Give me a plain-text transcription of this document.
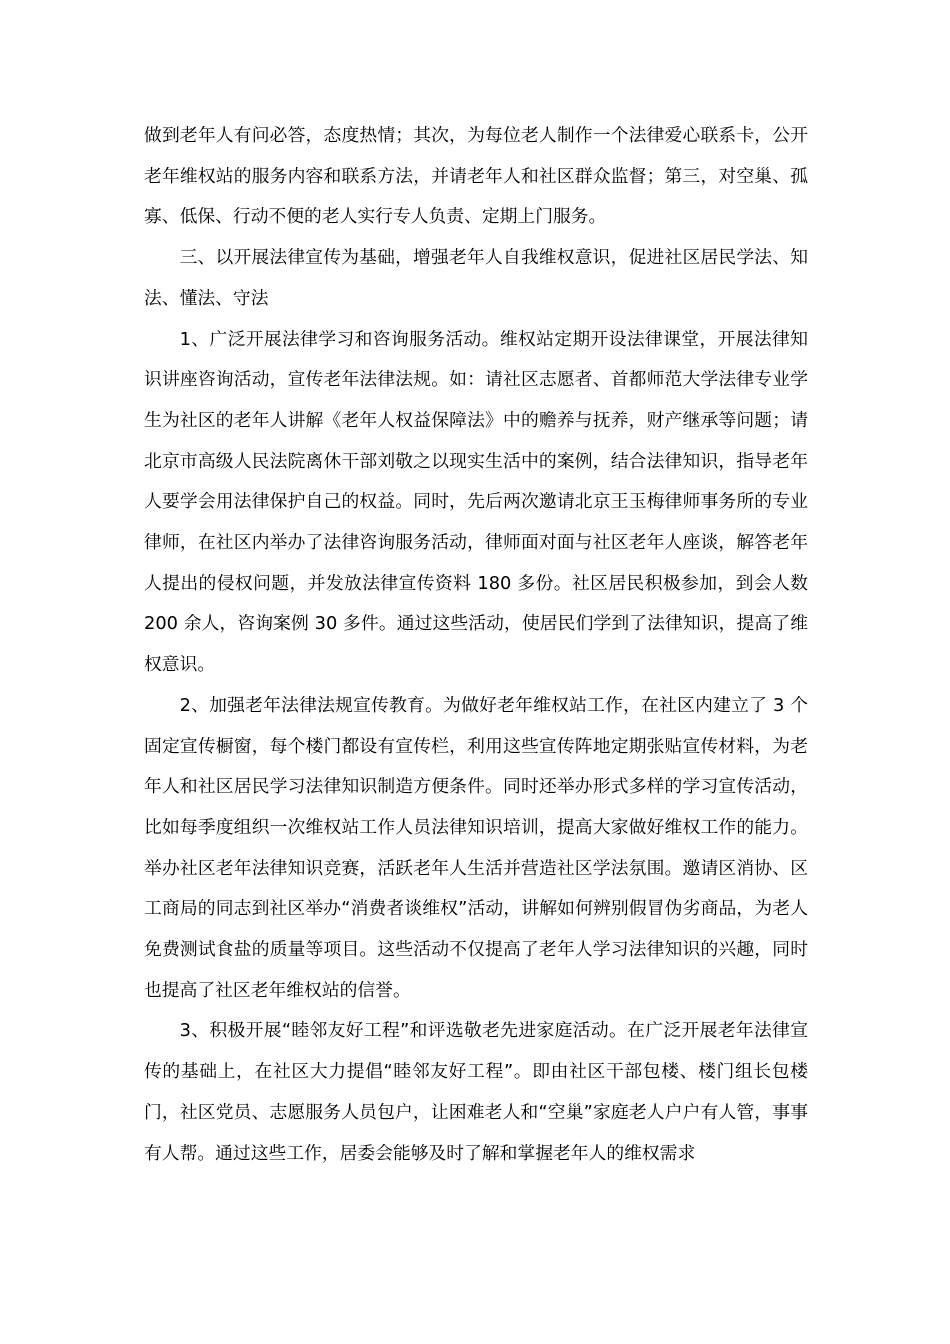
做到老年人有问必答，态度热情；其次，为每位老人制作一个法律爱心联系卡，公开老年维权站的服务内容和联系方法，并请老年人和社区群众监督；第三，对空巢、孤寡、低保、行动不便的老人实行专人负责、定期上门服务。

三、以开展法律宣传为基础，增强老年人自我维权意识，促进社区居民学法、知法、懂法、守法

1、广泛开展法律学习和咨询服务活动。维权站定期开设法律课堂，开展法律知识讲座咨询活动，宣传老年法律法规。如：请社区志愿者、首都师范大学法律专业学生为社区的老年人讲解《老年人权益保障法》中的赡养与抚养，财产继承等问题；请北京市高级人民法院离休干部刘敬之以现实生活中的案例，结合法律知识，指导老年人要学会用法律保护自己的权益。同时，先后两次邀请北京王玉梅律师事务所的专业律师，在社区内举办了法律咨询服务活动，律师面对面与社区老年人座谈，解答老年人提出的侵权问题，并发放法律宣传资料 180 多份。社区居民积极参加，到会人数 200 余人，咨询案例 30 多件。通过这些活动，使居民们学到了法律知识，提高了维权意识。

2、加强老年法律法规宣传教育。为做好老年维权站工作，在社区内建立了 3 个固定宣传橱窗，每个楼门都设有宣传栏，利用这些宣传阵地定期张贴宣传材料，为老年人和社区居民学习法律知识制造方便条件。同时还举办形式多样的学习宣传活动，比如每季度组织一次维权站工作人员法律知识培训，提高大家做好维权工作的能力。举办社区老年法律知识竞赛，活跃老年人生活并营造社区学法氛围。邀请区消协、区工商局的同志到社区举办“消费者谈维权”活动，讲解如何辨别假冒伪劣商品，为老人免费测试食盐的质量等项目。这些活动不仅提高了老年人学习法律知识的兴趣，同时也提高了社区老年维权站的信誉。

3、积极开展“睦邻友好工程”和评选敬老先进家庭活动。在广泛开展老年法律宣传的基础上，在社区大力提倡“睦邻友好工程”。即由社区干部包楼、楼门组长包楼门，社区党员、志愿服务人员包户，让困难老人和“空巢”家庭老人户户有人管，事事有人帮。通过这些工作，居委会能够及时了解和掌握老年人的维权需求
